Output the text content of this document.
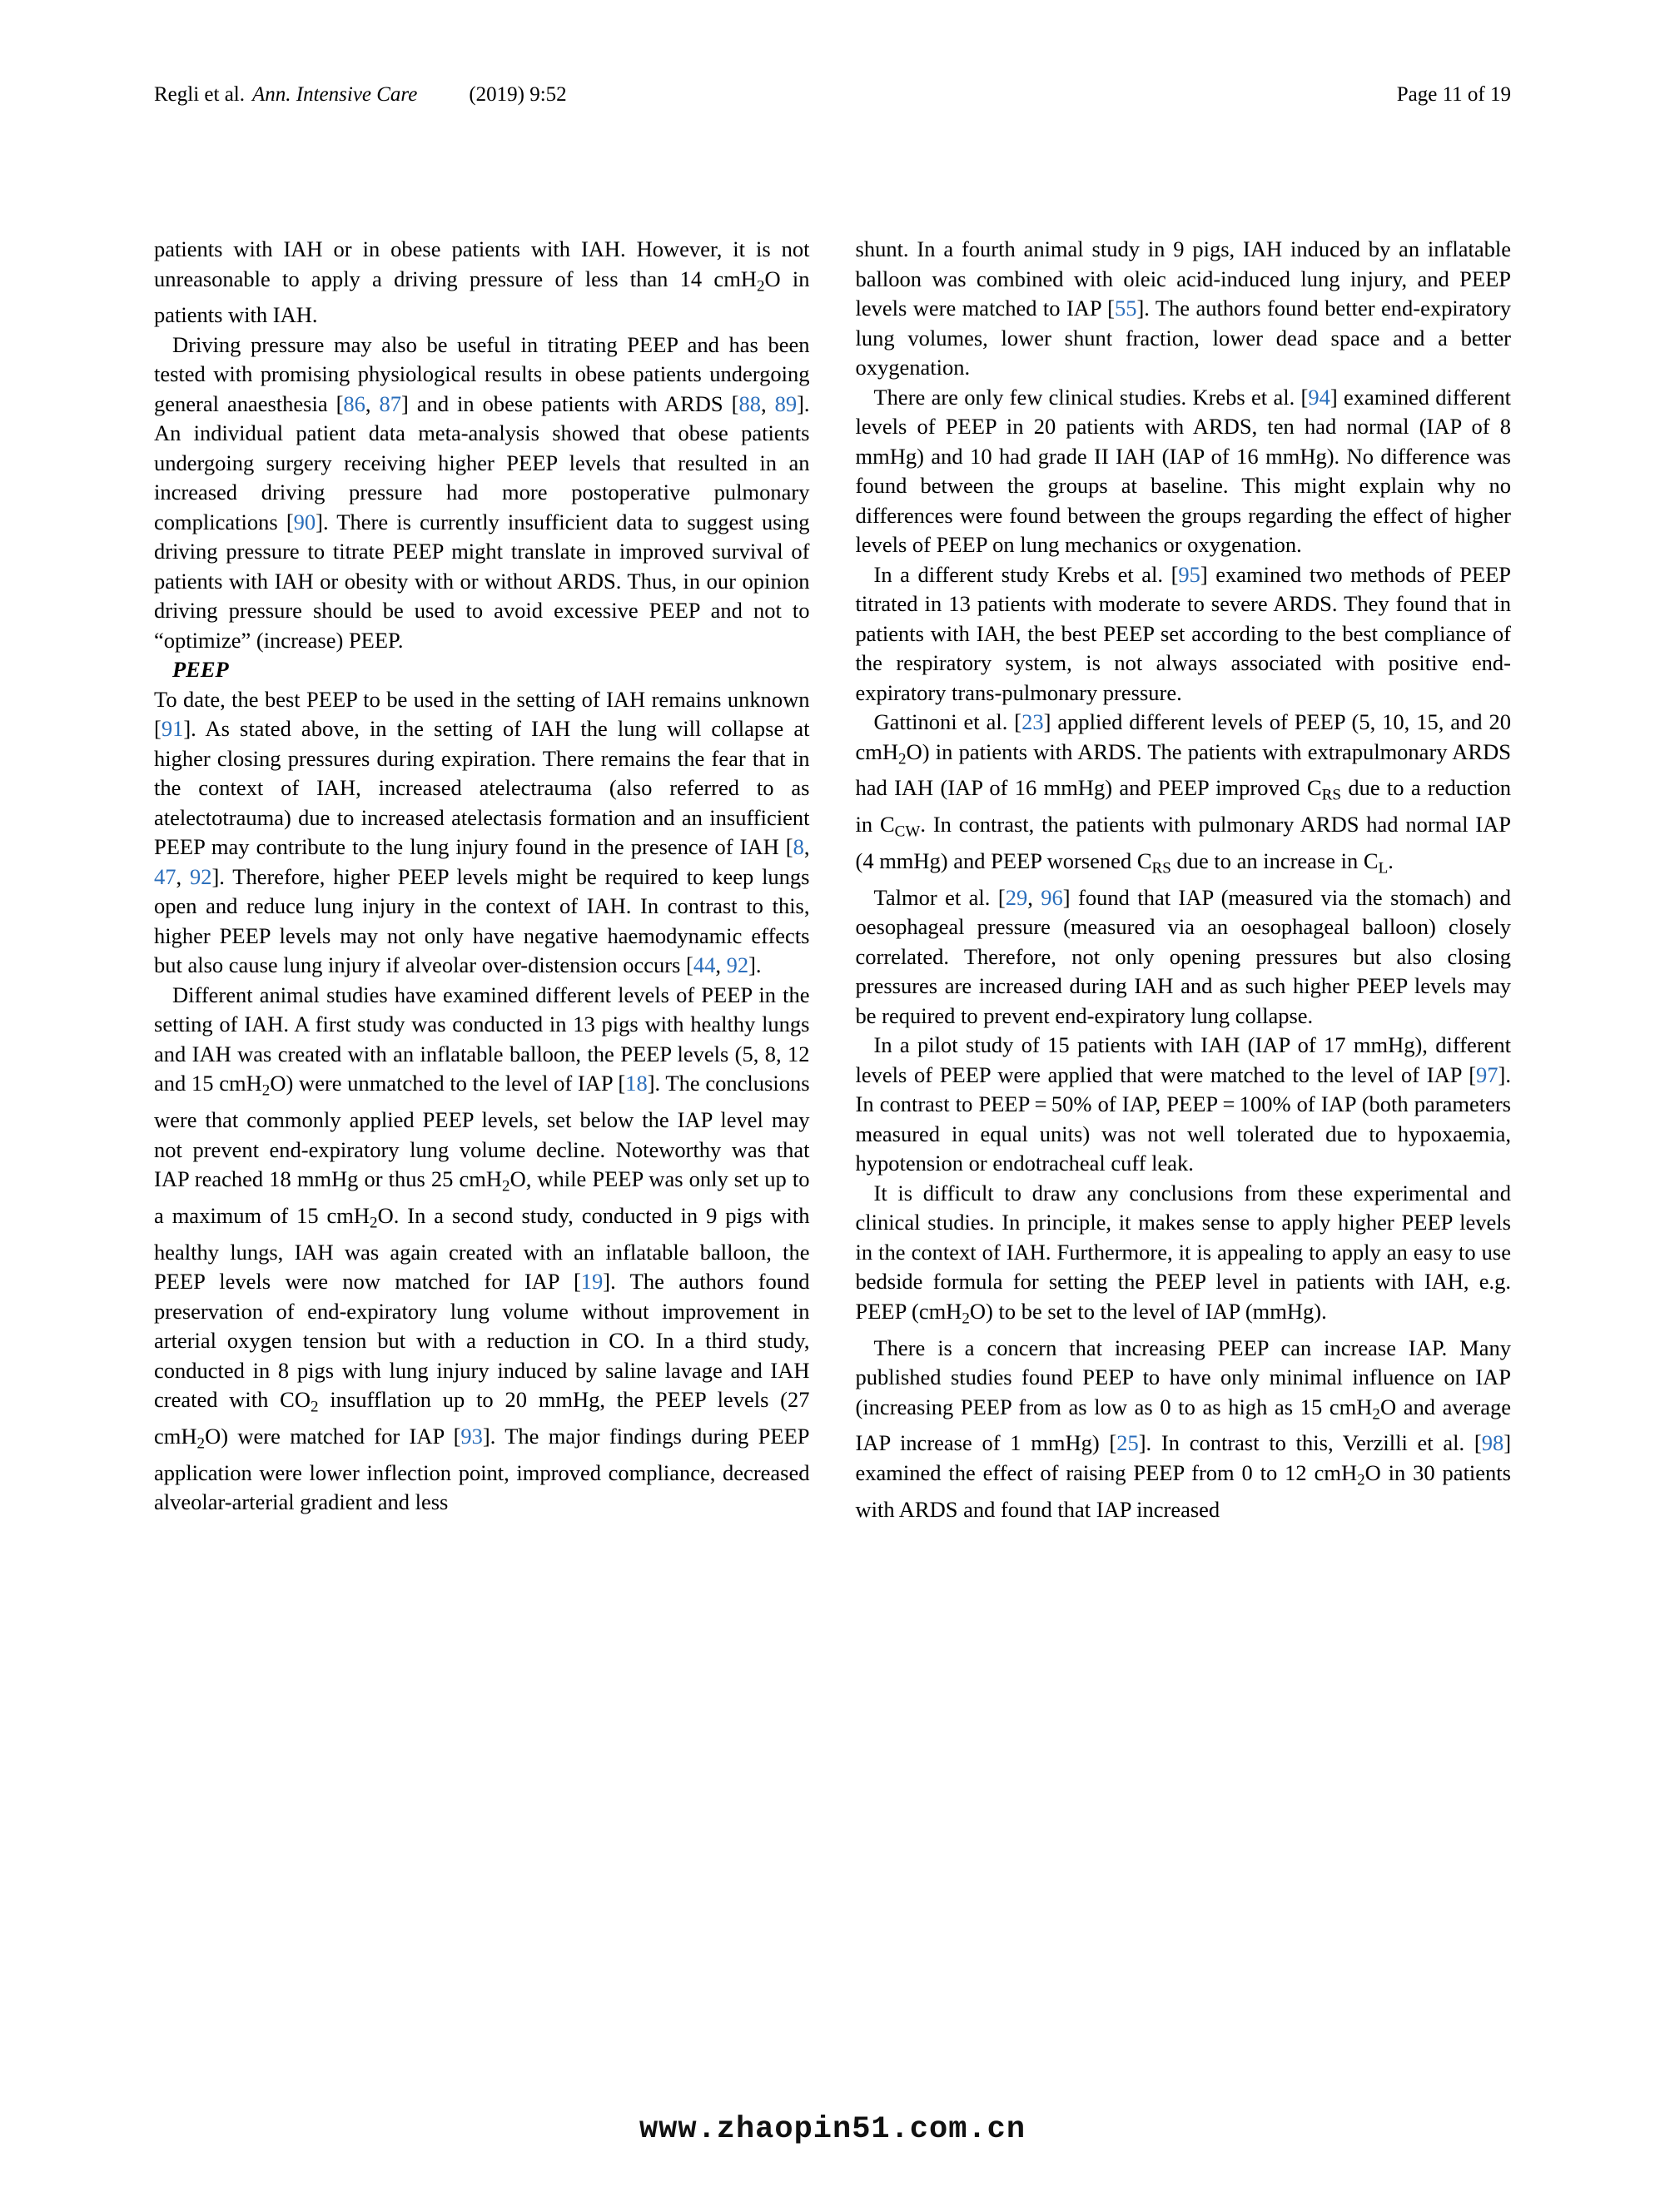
Regli et al. Ann. Intensive Care (2019) 9:52	Page 11 of 19

patients with IAH or in obese patients with IAH. However, it is not unreasonable to apply a driving pressure of less than 14 cmH$_2$O in patients with IAH.

Driving pressure may also be useful in titrating PEEP and has been tested with promising physiological results in obese patients undergoing general anaesthesia [86, 87] and in obese patients with ARDS [88, 89]. An individual patient data meta-analysis showed that obese patients undergoing surgery receiving higher PEEP levels that resulted in an increased driving pressure had more postoperative pulmonary complications [90]. There is currently insufficient data to suggest using driving pressure to titrate PEEP might translate in improved survival of patients with IAH or obesity with or without ARDS. Thus, in our opinion driving pressure should be used to avoid excessive PEEP and not to “optimize” (increase) PEEP.

PEEP

To date, the best PEEP to be used in the setting of IAH remains unknown [91]. As stated above, in the setting of IAH the lung will collapse at higher closing pressures during expiration. There remains the fear that in the context of IAH, increased atelectrauma (also referred to as atelectotrauma) due to increased atelectasis formation and an insufficient PEEP may contribute to the lung injury found in the presence of IAH [8, 47, 92]. Therefore, higher PEEP levels might be required to keep lungs open and reduce lung injury in the context of IAH. In contrast to this, higher PEEP levels may not only have negative haemodynamic effects but also cause lung injury if alveolar over-distension occurs [44, 92].

Different animal studies have examined different levels of PEEP in the setting of IAH. A first study was conducted in 13 pigs with healthy lungs and IAH was created with an inflatable balloon, the PEEP levels (5, 8, 12 and 15 cmH$_2$O) were unmatched to the level of IAP [18]. The conclusions were that commonly applied PEEP levels, set below the IAP level may not prevent end-expiratory lung volume decline. Noteworthy was that IAP reached 18 mmHg or thus 25 cmH$_2$O, while PEEP was only set up to a maximum of 15 cmH$_2$O. In a second study, conducted in 9 pigs with healthy lungs, IAH was again created with an inflatable balloon, the PEEP levels were now matched for IAP [19]. The authors found preservation of end-expiratory lung volume without improvement in arterial oxygen tension but with a reduction in CO. In a third study, conducted in 8 pigs with lung injury induced by saline lavage and IAH created with $CO_2$ insufflation up to 20 mmHg, the PEEP levels (27 cmH$_2$O) were matched for IAP [93]. The major findings during PEEP application were lower inflection point, improved compliance, decreased alveolar-arterial gradient and less

shunt. In a fourth animal study in 9 pigs, IAH induced by an inflatable balloon was combined with oleic acid-induced lung injury, and PEEP levels were matched to IAP [55]. The authors found better end-expiratory lung volumes, lower shunt fraction, lower dead space and a better oxygenation.

There are only few clinical studies. Krebs et al. [94] examined different levels of PEEP in 20 patients with ARDS, ten had normal (IAP of 8 mmHg) and 10 had grade II IAH (IAP of 16 mmHg). No difference was found between the groups at baseline. This might explain why no differences were found between the groups regarding the effect of higher levels of PEEP on lung mechanics or oxygenation.

In a different study Krebs et al. [95] examined two methods of PEEP titrated in 13 patients with moderate to severe ARDS. They found that in patients with IAH, the best PEEP set according to the best compliance of the respiratory system, is not always associated with positive end-expiratory trans-pulmonary pressure.

Gattinoni et al. [23] applied different levels of PEEP (5, 10, 15, and 20 cmH$_2$O) in patients with ARDS. The patients with extrapulmonary ARDS had IAH (IAP of 16 mmHg) and PEEP improved $C_{RS}$ due to a reduction in $C_{CW}$. In contrast, the patients with pulmonary ARDS had normal IAP (4 mmHg) and PEEP worsened $C_{RS}$ due to an increase in $C_L$.

Talmor et al. [29, 96] found that IAP (measured via the stomach) and oesophageal pressure (measured via an oesophageal balloon) closely correlated. Therefore, not only opening pressures but also closing pressures are increased during IAH and as such higher PEEP levels may be required to prevent end-expiratory lung collapse.

In a pilot study of 15 patients with IAH (IAP of 17 mmHg), different levels of PEEP were applied that were matched to the level of IAP [97]. In contrast to PEEP = 50% of IAP, PEEP = 100% of IAP (both parameters measured in equal units) was not well tolerated due to hypoxaemia, hypotension or endotracheal cuff leak.

It is difficult to draw any conclusions from these experimental and clinical studies. In principle, it makes sense to apply higher PEEP levels in the context of IAH. Furthermore, it is appealing to apply an easy to use bedside formula for setting the PEEP level in patients with IAH, e.g. PEEP (cmH$_2$O) to be set to the level of IAP (mmHg).

There is a concern that increasing PEEP can increase IAP. Many published studies found PEEP to have only minimal influence on IAP (increasing PEEP from as low as 0 to as high as 15 cmH$_2$O and average IAP increase of 1 mmHg) [25]. In contrast to this, Verzilli et al. [98] examined the effect of raising PEEP from 0 to 12 cmH$_2$O in 30 patients with ARDS and found that IAP increased

www.zhaopin51.com.cn
